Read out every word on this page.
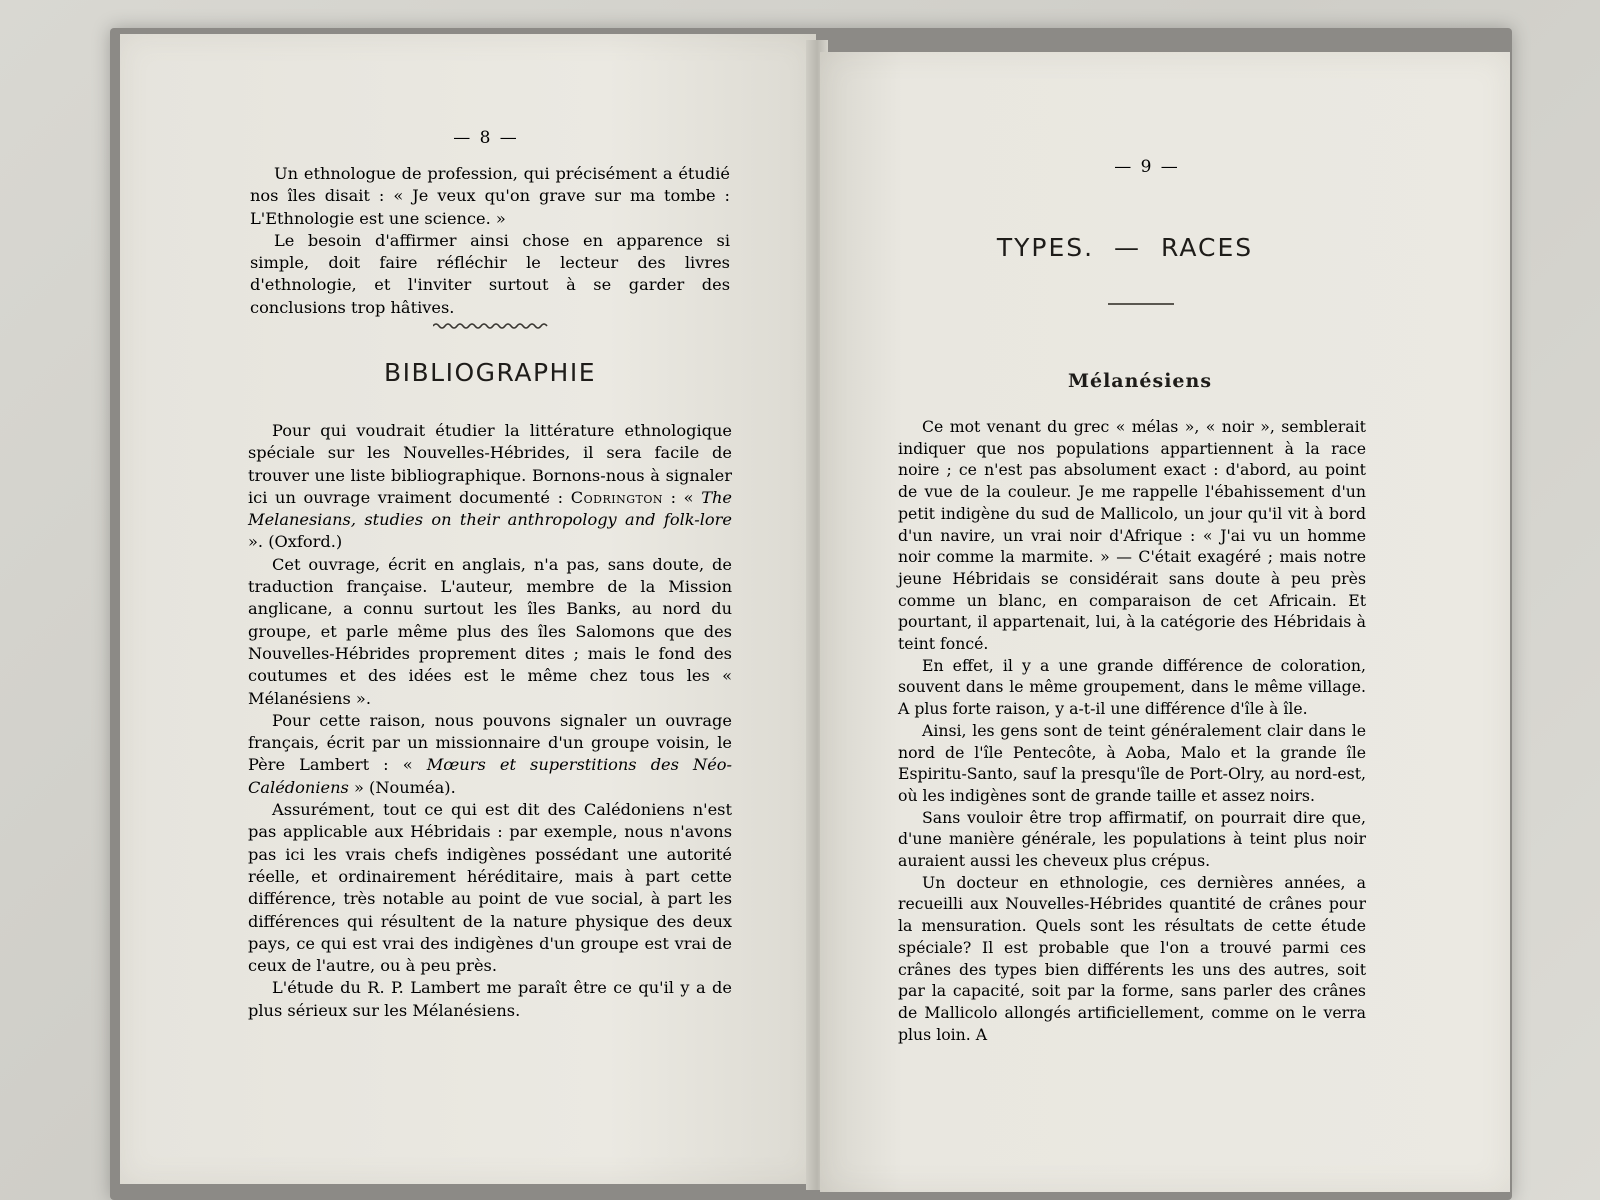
— 8 —

Un ethnologue de profession, qui précisément a étudié nos îles disait : « Je veux qu'on grave sur ma tombe : L'Ethnologie est une science. »

Le besoin d'affirmer ainsi chose en apparence si simple, doit faire réfléchir le lecteur des livres d'ethnologie, et l'inviter surtout à se garder des conclusions trop hâtives.

BIBLIOGRAPHIE

Pour qui voudrait étudier la littérature ethnologique spéciale sur les Nouvelles-Hébrides, il sera facile de trouver une liste bibliographique. Bornons-nous à signaler ici un ouvrage vraiment documenté : Codrington : « The Melanesians, studies on their anthropology and folk-lore ». (Oxford.)

Cet ouvrage, écrit en anglais, n'a pas, sans doute, de traduction française. L'auteur, membre de la Mission anglicane, a connu surtout les îles Banks, au nord du groupe, et parle même plus des îles Salomons que des Nouvelles-Hébrides proprement dites ; mais le fond des coutumes et des idées est le même chez tous les « Mélanésiens ».

Pour cette raison, nous pouvons signaler un ouvrage français, écrit par un missionnaire d'un groupe voisin, le Père Lambert : « Mœurs et superstitions des Néo-Calédoniens » (Nouméa).

Assurément, tout ce qui est dit des Calédoniens n'est pas applicable aux Hébridais : par exemple, nous n'avons pas ici les vrais chefs indigènes possédant une autorité réelle, et ordinairement héréditaire, mais à part cette différence, très notable au point de vue social, à part les différences qui résultent de la nature physique des deux pays, ce qui est vrai des indigènes d'un groupe est vrai de ceux de l'autre, ou à peu près.

L'étude du R. P. Lambert me paraît être ce qu'il y a de plus sérieux sur les Mélanésiens.

— 9 —
TYPES. — RACES
Mélanésiens

Ce mot venant du grec « mélas », « noir », semblerait indiquer que nos populations appartiennent à la race noire ; ce n'est pas absolument exact : d'abord, au point de vue de la couleur. Je me rappelle l'ébahissement d'un petit indigène du sud de Mallicolo, un jour qu'il vit à bord d'un navire, un vrai noir d'Afrique : « J'ai vu un homme noir comme la marmite. » — C'était exagéré ; mais notre jeune Hébridais se considérait sans doute à peu près comme un blanc, en comparaison de cet Africain. Et pourtant, il appartenait, lui, à la catégorie des Hébridais à teint foncé.

En effet, il y a une grande différence de coloration, souvent dans le même groupement, dans le même village. A plus forte raison, y a-t-il une différence d'île à île.

Ainsi, les gens sont de teint généralement clair dans le nord de l'île Pentecôte, à Aoba, Malo et la grande île Espiritu-Santo, sauf la presqu'île de Port-Olry, au nord-est, où les indigènes sont de grande taille et assez noirs.

Sans vouloir être trop affirmatif, on pourrait dire que, d'une manière générale, les populations à teint plus noir auraient aussi les cheveux plus crépus.

Un docteur en ethnologie, ces dernières années, a recueilli aux Nouvelles-Hébrides quantité de crânes pour la mensuration. Quels sont les résultats de cette étude spéciale? Il est probable que l'on a trouvé parmi ces crânes des types bien différents les uns des autres, soit par la capacité, soit par la forme, sans parler des crânes de Mallicolo allongés artificiellement, comme on le verra plus loin. A
